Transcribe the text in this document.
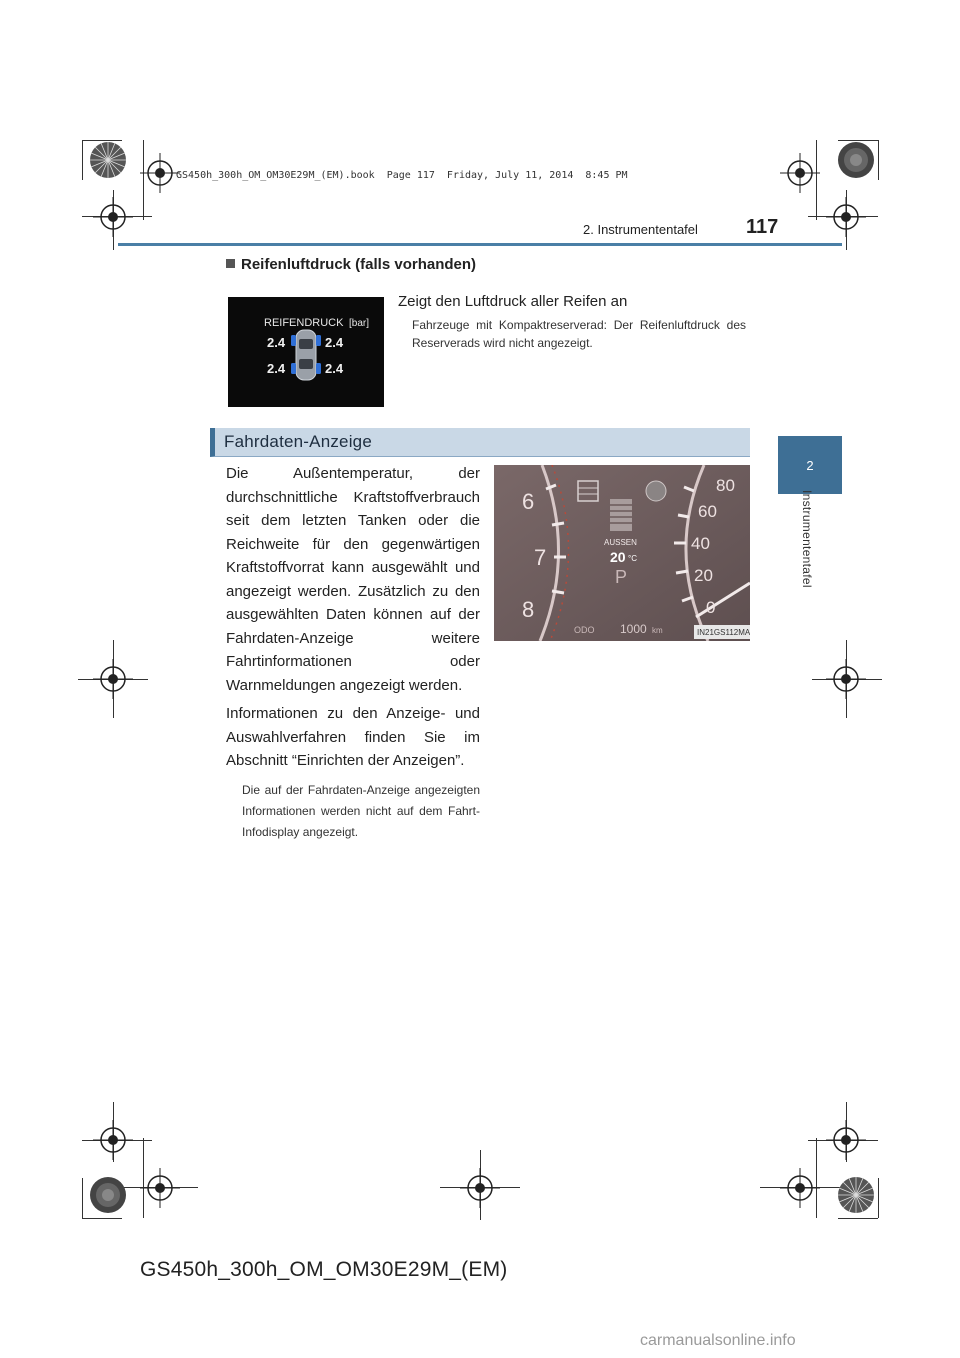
GS450h_300h_OM_OM30E29M_(EM).book  Page 117  Friday, July 11, 2014  8:45 PM
2. Instrumententafel 117
2
Instrumententafel
Reifenluftdruck (falls vorhanden)
REIFENDRUCK [bar]
2.4	2.4
2.4	2.4
Zeigt den Luftdruck aller Reifen an
Fahrzeuge mit Kompaktreserverad: Der Reifenluftdruck des Reserverads wird nicht angezeigt.
Fahrdaten-Anzeige
Die Außentemperatur, der durchschnittliche Kraftstoffverbrauch seit dem letzten Tanken oder die Reichweite für den gegenwärtigen Kraftstoffvorrat kann ausgewählt und angezeigt werden. Zusätzlich zu den ausgewählten Daten können auf der Fahrdaten-Anzeige weitere Fahrtinformationen oder Warnmeldungen angezeigt werden.
Informationen zu den Anzeige- und Auswahlverfahren finden Sie im Abschnitt “Einrichten der Anzeigen”.
Die auf der Fahrdaten-Anzeige angezeigten Informationen werden nicht auf dem Fahrt-Infodisplay angezeigt.
6
7
8
80
60
40
20
0
AUSSEN
20 °C
P
ODO 1000 km	IN21GS112MA
GS450h_300h_OM_OM30E29M_(EM)
carmanualsonline.info
